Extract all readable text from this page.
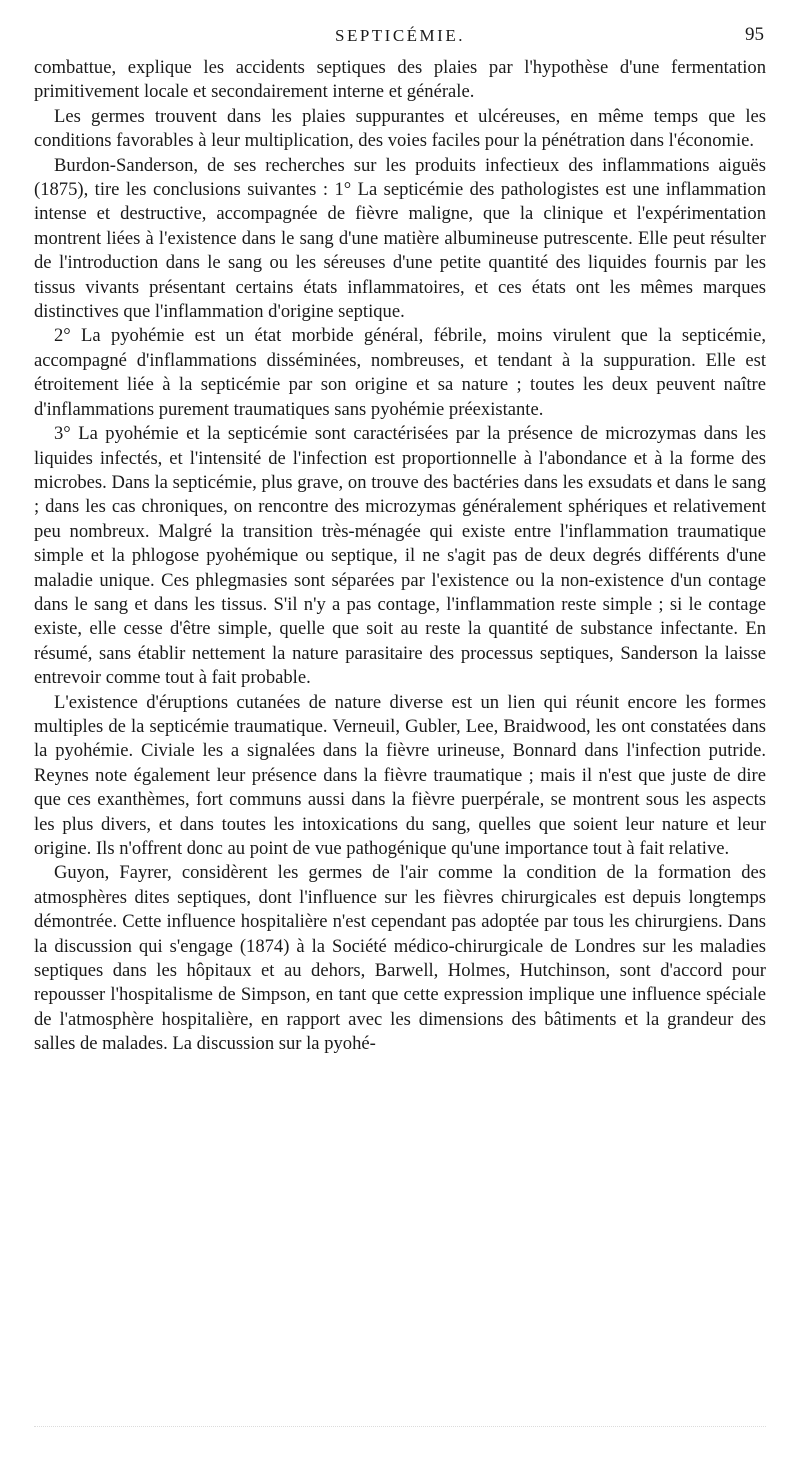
SEPTICÉMIE.	95

combattue, explique les accidents septiques des plaies par l'hypothèse d'une fermentation primitivement locale et secondairement interne et générale.

Les germes trouvent dans les plaies suppurantes et ulcéreuses, en même temps que les conditions favorables à leur multiplication, des voies faciles pour la pénétration dans l'économie.

Burdon-Sanderson, de ses recherches sur les produits infectieux des inflammations aiguës (1875), tire les conclusions suivantes : 1° La septicémie des pathologistes est une inflammation intense et destructive, accompagnée de fièvre maligne, que la clinique et l'expérimentation montrent liées à l'existence dans le sang d'une matière albumineuse putrescente. Elle peut résulter de l'introduction dans le sang ou les séreuses d'une petite quantité des liquides fournis par les tissus vivants présentant certains états inflammatoires, et ces états ont les mêmes marques distinctives que l'inflammation d'origine septique.

2° La pyohémie est un état morbide général, fébrile, moins virulent que la septicémie, accompagné d'inflammations disséminées, nombreuses, et tendant à la suppuration. Elle est étroitement liée à la septicémie par son origine et sa nature ; toutes les deux peuvent naître d'inflammations purement traumatiques sans pyohémie préexistante.

3° La pyohémie et la septicémie sont caractérisées par la présence de microzymas dans les liquides infectés, et l'intensité de l'infection est proportionnelle à l'abondance et à la forme des microbes. Dans la septicémie, plus grave, on trouve des bactéries dans les exsudats et dans le sang ; dans les cas chroniques, on rencontre des microzymas généralement sphériques et relativement peu nombreux. Malgré la transition très-ménagée qui existe entre l'inflammation traumatique simple et la phlogose pyohémique ou septique, il ne s'agit pas de deux degrés différents d'une maladie unique. Ces phlegmasies sont séparées par l'existence ou la non-existence d'un contage dans le sang et dans les tissus. S'il n'y a pas contage, l'inflammation reste simple ; si le contage existe, elle cesse d'être simple, quelle que soit au reste la quantité de substance infectante. En résumé, sans établir nettement la nature parasitaire des processus septiques, Sanderson la laisse entrevoir comme tout à fait probable.

L'existence d'éruptions cutanées de nature diverse est un lien qui réunit encore les formes multiples de la septicémie traumatique. Verneuil, Gubler, Lee, Braidwood, les ont constatées dans la pyohémie. Civiale les a signalées dans la fièvre urineuse, Bonnard dans l'infection putride. Reynes note également leur présence dans la fièvre traumatique ; mais il n'est que juste de dire que ces exanthèmes, fort communs aussi dans la fièvre puerpérale, se montrent sous les aspects les plus divers, et dans toutes les intoxications du sang, quelles que soient leur nature et leur origine. Ils n'offrent donc au point de vue pathogénique qu'une importance tout à fait relative.

Guyon, Fayrer, considèrent les germes de l'air comme la condition de la formation des atmosphères dites septiques, dont l'influence sur les fièvres chirurgicales est depuis longtemps démontrée. Cette influence hospitalière n'est cependant pas adoptée par tous les chirurgiens. Dans la discussion qui s'engage (1874) à la Société médico-chirurgicale de Londres sur les maladies septiques dans les hôpitaux et au dehors, Barwell, Holmes, Hutchinson, sont d'accord pour repousser l'hospitalisme de Simpson, en tant que cette expression implique une influence spéciale de l'atmosphère hospitalière, en rapport avec les dimensions des bâtiments et la grandeur des salles de malades. La discussion sur la pyohé-
